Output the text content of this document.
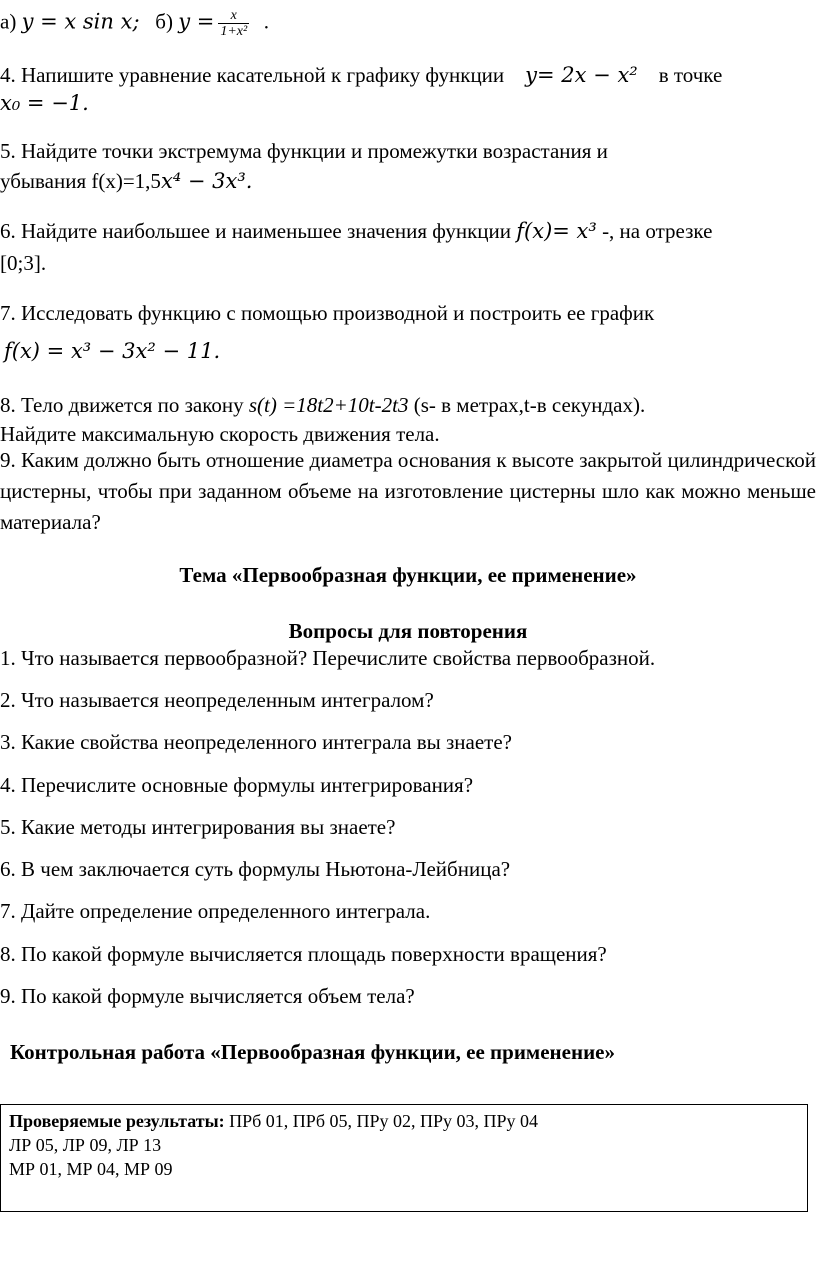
а) y = x sin x; б) $y = \frac{x}{\text{1+x²}}$ .
4. Напишите уравнение касательной к графику функции y= 2x − x² в точке
x₀ = −1.
5. Найдите точки экстремума функции и промежутки возрастания и
убывания f(x)=1,5x⁴ − 3x³.
6. Найдите наибольшее и наименьшее значения функции f(x)= x³ -, на отрезке
[0;3].
7. Исследовать функцию с помощью производной и построить ее график
f(x) = x³ − 3x² − 11.
8. Тело движется по закону s(t) =18t2+10t-2t3 (s- в метрах,t-в секундах).
Найдите максимальную скорость движения тела.
9. Каким должно быть отношение диаметра основания к высоте закрытой цилиндрической цистерны, чтобы при заданном объеме на изготовление цистерны шло как можно меньше материала?
Тема «Первообразная функции, ее применение»
Вопросы для повторения
1. Что называется первообразной? Перечислите свойства первообразной.
2. Что называется неопределенным интегралом?
3. Какие свойства неопределенного интеграла вы знаете?
4. Перечислите основные формулы интегрирования?
5. Какие методы интегрирования вы знаете?
6. В чем заключается суть формулы Ньютона-Лейбница?
7. Дайте определение определенного интеграла.
8. По какой формуле вычисляется площадь поверхности вращения?
9. По какой формуле вычисляется объем тела?
Контрольная работа «Первообразная функции, ее применение»
Проверяемые результаты: ПРб 01, ПРб 05, ПРу 02, ПРу 03, ПРу 04
ЛР 05, ЛР 09, ЛР 13
МР 01, МР 04, МР 09
